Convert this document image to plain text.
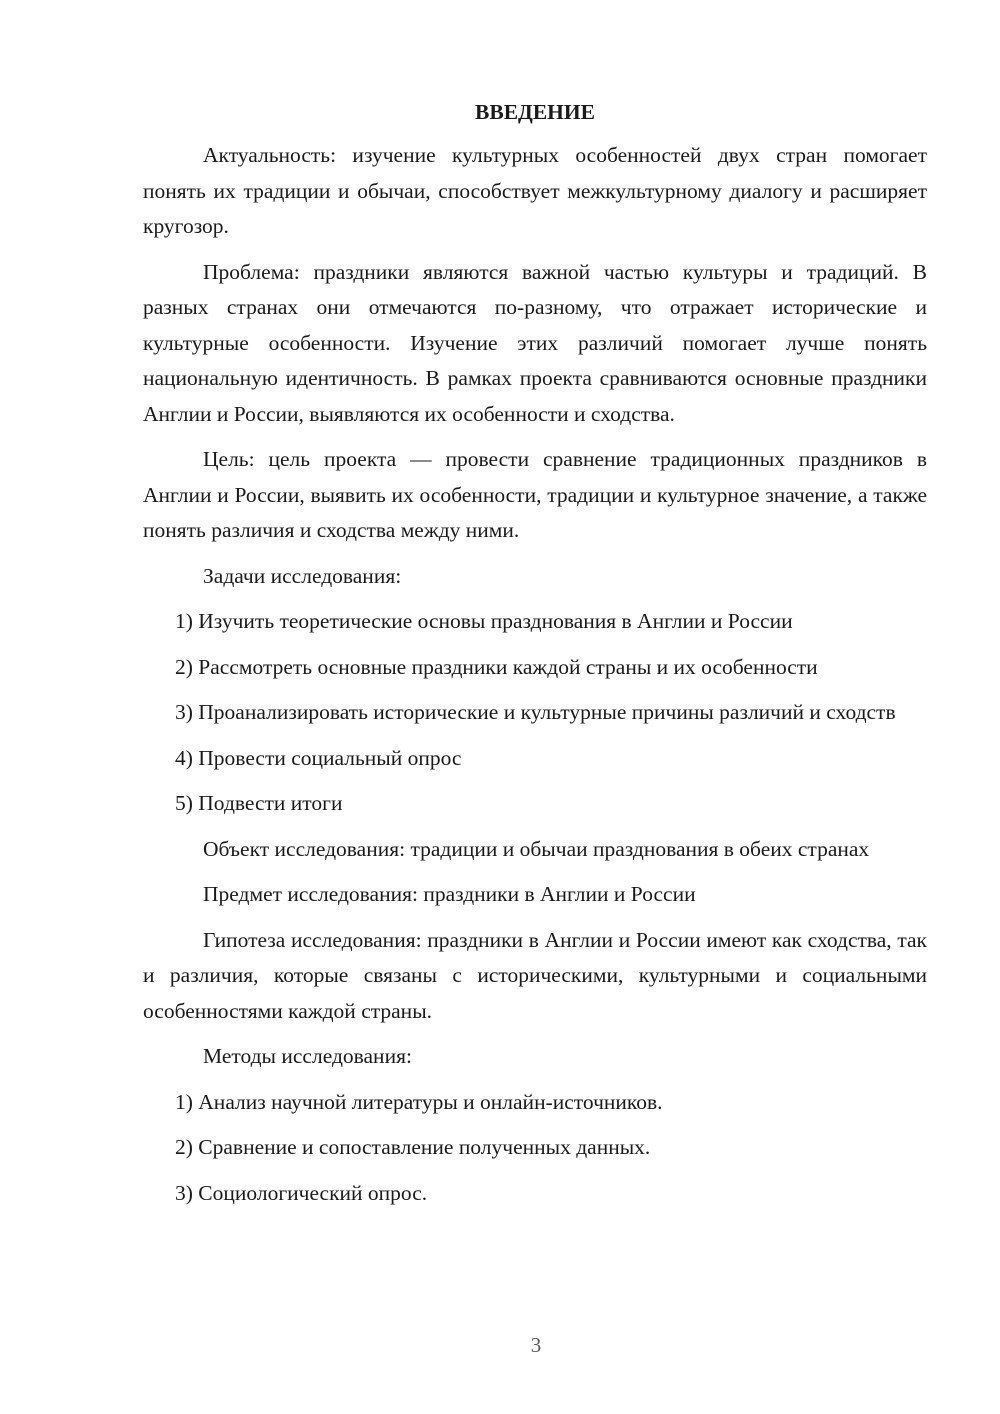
ВВЕДЕНИЕ

Актуальность: изучение культурных особенностей двух стран помогает понять их традиции и обычаи, способствует межкультурному диалогу и расширяет кругозор.

Проблема: праздники являются важной частью культуры и традиций. В разных странах они отмечаются по-разному, что отражает исторические и культурные особенности. Изучение этих различий помогает лучше понять национальную идентичность. В рамках проекта сравниваются основные праздники Англии и России, выявляются их особенности и сходства.

Цель: цель проекта — провести сравнение традиционных праздников в Англии и России, выявить их особенности, традиции и культурное значение, а также понять различия и сходства между ними.

Задачи исследования:

1) Изучить теоретические основы празднования в Англии и России
2) Рассмотреть основные праздники каждой страны и их особенности
3) Проанализировать исторические и культурные причины различий и сходств
4) Провести социальный опрос
5) Подвести итоги

Объект исследования: традиции и обычаи празднования в обеих странах

Предмет исследования: праздники в Англии и России

Гипотеза исследования: праздники в Англии и России имеют как сходства, так и различия, которые связаны с историческими, культурными и социальными особенностями каждой страны.

Методы исследования:

1) Анализ научной литературы и онлайн-источников.
2) Сравнение и сопоставление полученных данных.
3) Социологический опрос.
3
